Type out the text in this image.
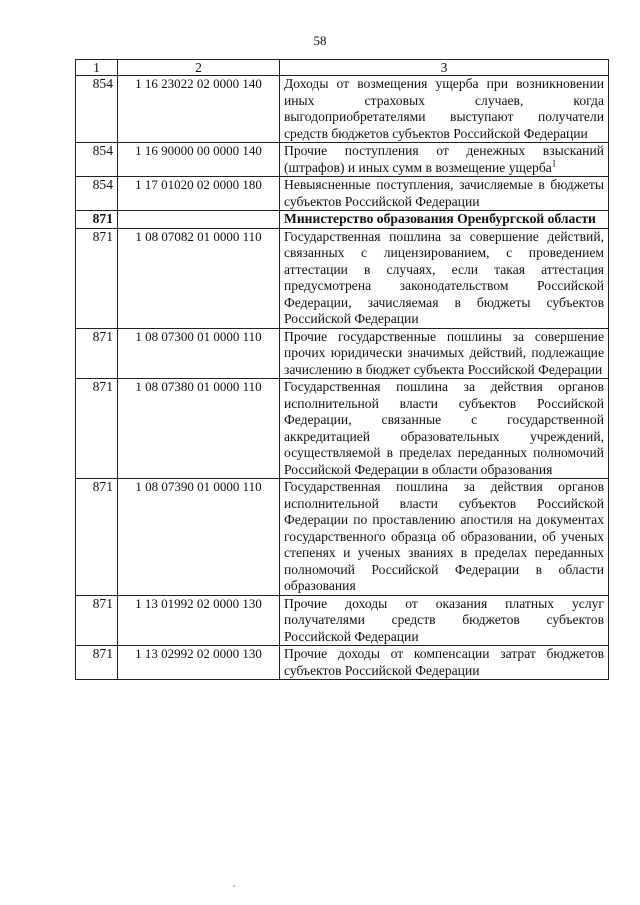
58
1	2	3
854	1 16 23022 02 0000 140	Доходы от возмещения ущерба при возникновении иных страховых случаев, когда выгодоприобретателями выступают получатели средств бюджетов субъектов Российской Федерации
854	1 16 90000 00 0000 140	Прочие поступления от денежных взысканий (штрафов) и иных сумм в возмещение ущерба$^1$
854	1 17 01020 02 0000 180	Невыясненные поступления, зачисляемые в бюджеты субъектов Российской Федерации
871		Министерство образования Оренбургской области
871	1 08 07082 01 0000 110	Государственная пошлина за совершение действий, связанных с лицензированием, с проведением аттестации в случаях, если такая аттестация предусмотрена законодательством Российской Федерации, зачисляемая в бюджеты субъектов Российской Федерации
871	1 08 07300 01 0000 110	Прочие государственные пошлины за совершение прочих юридически значимых действий, подлежащие зачислению в бюджет субъекта Российской Федерации
871	1 08 07380 01 0000 110	Государственная пошлина за действия органов исполнительной власти субъектов Российской Федерации, связанные с государственной аккредитацией образовательных учреждений, осуществляемой в пределах переданных полномочий Российской Федерации в области образования
871	1 08 07390 01 0000 110	Государственная пошлина за действия органов исполнительной власти субъектов Российской Федерации по проставлению апостиля на документах государственного образца об образовании, об ученых степенях и ученых званиях в пределах переданных полномочий Российской Федерации в области образования
871	1 13 01992 02 0000 130	Прочие доходы от оказания платных услуг получателями средств бюджетов субъектов Российской Федерации
871	1 13 02992 02 0000 130	Прочие доходы от компенсации затрат бюджетов субъектов Российской Федерации
